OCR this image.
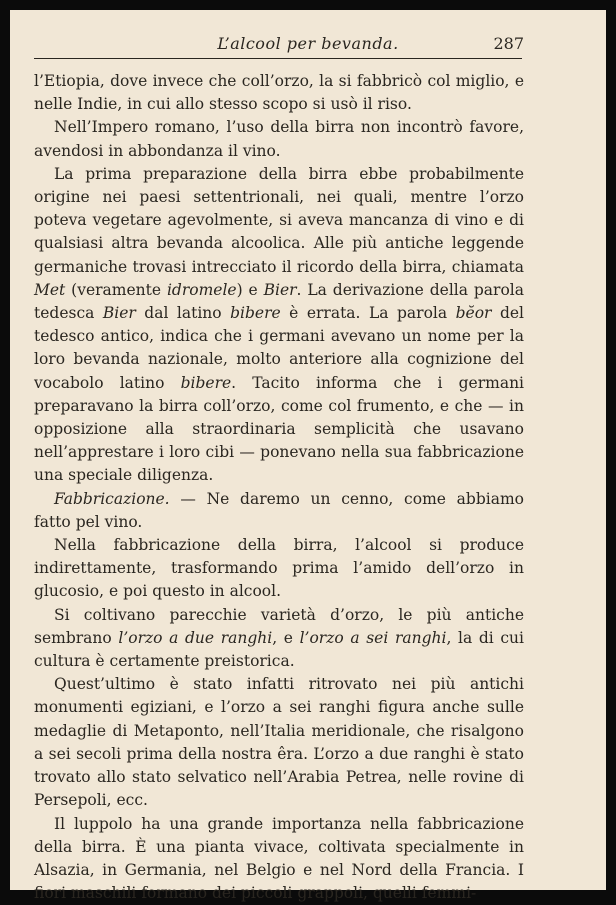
L’alcool per bevanda.	287

l’Etiopia, dove invece che coll’orzo, la si fabbricò col miglio, e nelle Indie, in cui allo stesso scopo si usò il riso.

Nell’Impero romano, l’uso della birra non incontrò favore, avendosi in abbondanza il vino.

La prima preparazione della birra ebbe probabilmente origine nei paesi settentrionali, nei quali, mentre l’orzo poteva vegetare agevolmente, si aveva mancanza di vino e di qualsiasi altra bevanda alcoolica. Alle più antiche leggende germaniche trovasi intrecciato il ricordo della birra, chiamata Met (veramente idromele) e Bier. La derivazione della parola tedesca Bier dal latino bibere è errata. La parola bĕor del tedesco antico, indica che i germani avevano un nome per la loro bevanda nazionale, molto anteriore alla cognizione del vocabolo latino bibere. Tacito informa che i germani preparavano la birra coll’orzo, come col frumento, e che — in opposizione alla straordinaria semplicità che usavano nell’apprestare i loro cibi — ponevano nella sua fabbricazione una speciale diligenza.

Fabbricazione. — Ne daremo un cenno, come abbiamo fatto pel vino.

Nella fabbricazione della birra, l’alcool si produce indirettamente, trasformando prima l’amido dell’orzo in glucosio, e poi questo in alcool.

Si coltivano parecchie varietà d’orzo, le più antiche sembrano l’orzo a due ranghi, e l’orzo a sei ranghi, la di cui cultura è certamente preistorica.

Quest’ultimo è stato infatti ritrovato nei più antichi monumenti egiziani, e l’orzo a sei ranghi figura anche sulle medaglie di Metaponto, nell’Italia meridionale, che risalgono a sei secoli prima della nostra êra. L’orzo a due ranghi è stato trovato allo stato selvatico nell’Arabia Petrea, nelle rovine di Persepoli, ecc.

Il luppolo ha una grande importanza nella fabbricazione della birra. È una pianta vivace, coltivata specialmente in Alsazia, in Germania, nel Belgio e nel Nord della Francia. I fiori maschili formano dei piccoli grappoli, quelli femmi-
